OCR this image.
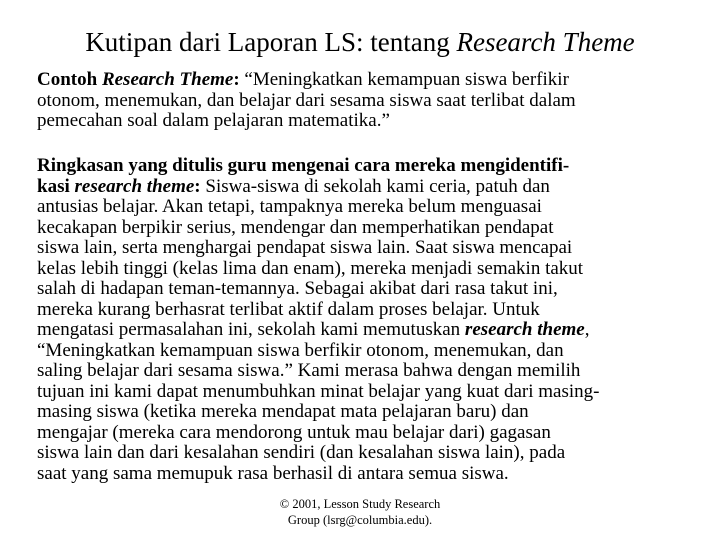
Kutipan dari Laporan LS: tentang Research Theme
Contoh Research Theme: “Meningkatkan kemampuan siswa berfikir
otonom, menemukan, dan belajar dari sesama siswa saat terlibat dalam
pemecahan soal dalam pelajaran matematika.”
Ringkasan yang ditulis guru mengenai cara mereka mengidentifi-
kasi research theme: Siswa-siswa di sekolah kami ceria, patuh dan
antusias belajar. Akan tetapi, tampaknya mereka belum menguasai
kecakapan berpikir serius, mendengar dan memperhatikan pendapat
siswa lain, serta menghargai pendapat siswa lain. Saat siswa mencapai
kelas lebih tinggi (kelas lima dan enam), mereka menjadi semakin takut
salah di hadapan teman-temannya. Sebagai akibat dari rasa takut ini,
mereka kurang berhasrat terlibat aktif dalam proses belajar. Untuk
mengatasi permasalahan ini, sekolah kami memutuskan research theme,
“Meningkatkan kemampuan siswa berfikir otonom, menemukan, dan
saling belajar dari sesama siswa.” Kami merasa bahwa dengan memilih
tujuan ini kami dapat menumbuhkan minat belajar yang kuat dari masing-
masing siswa (ketika mereka mendapat mata pelajaran baru) dan
mengajar (mereka cara mendorong untuk mau belajar dari) gagasan
siswa lain dan dari kesalahan sendiri (dan kesalahan siswa lain), pada
saat yang sama memupuk rasa berhasil di antara semua siswa.
© 2001, Lesson Study Research
Group (lsrg@columbia.edu).
